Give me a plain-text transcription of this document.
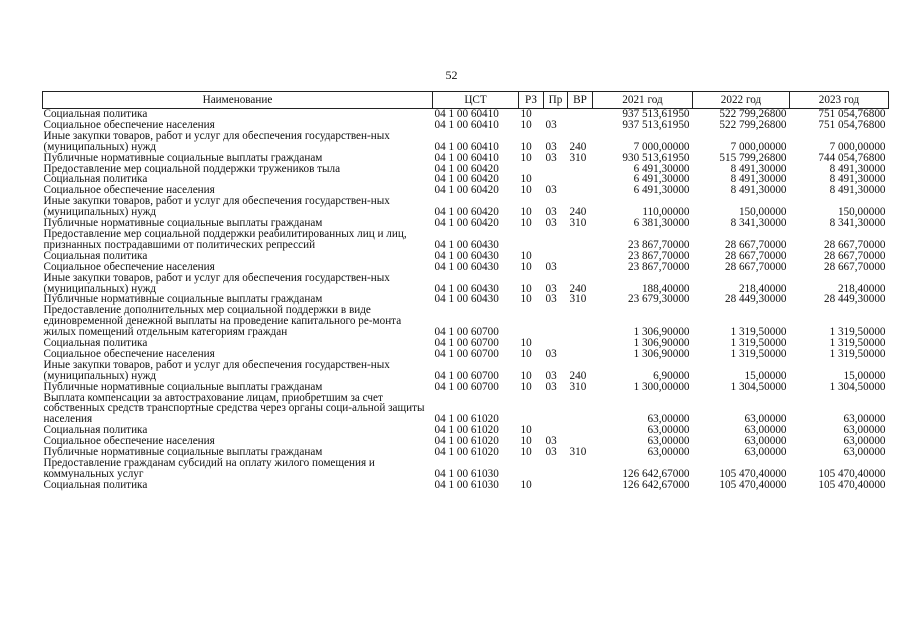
52
Наименование	ЦСТ	РЗ	Пр	ВР	2021 год	2022 год	2023 год
Социальная политика	04 1 00 60410	10			937 513,61950	522 799,26800	751 054,76800
Социальное обеспечение населения	04 1 00 60410	10	03		937 513,61950	522 799,26800	751 054,76800
Иные закупки товаров, работ и услуг для обеспечения государствен-ных (муниципальных) нужд	04 1 00 60410	10	03	240	7 000,00000	7 000,00000	7 000,00000
Публичные нормативные социальные выплаты гражданам	04 1 00 60410	10	03	310	930 513,61950	515 799,26800	744 054,76800
Предоставление мер социальной поддержки тружеников тыла	04 1 00 60420				6 491,30000	8 491,30000	8 491,30000
Социальная политика	04 1 00 60420	10			6 491,30000	8 491,30000	8 491,30000
Социальное обеспечение населения	04 1 00 60420	10	03		6 491,30000	8 491,30000	8 491,30000
Иные закупки товаров, работ и услуг для обеспечения государствен-ных (муниципальных) нужд	04 1 00 60420	10	03	240	110,00000	150,00000	150,00000
Публичные нормативные социальные выплаты гражданам	04 1 00 60420	10	03	310	6 381,30000	8 341,30000	8 341,30000
Предоставление мер социальной поддержки реабилитированных лиц и лиц, признанных пострадавшими от политических репрессий	04 1 00 60430				23 867,70000	28 667,70000	28 667,70000
Социальная политика	04 1 00 60430	10			23 867,70000	28 667,70000	28 667,70000
Социальное обеспечение населения	04 1 00 60430	10	03		23 867,70000	28 667,70000	28 667,70000
Иные закупки товаров, работ и услуг для обеспечения государствен-ных (муниципальных) нужд	04 1 00 60430	10	03	240	188,40000	218,40000	218,40000
Публичные нормативные социальные выплаты гражданам	04 1 00 60430	10	03	310	23 679,30000	28 449,30000	28 449,30000
Предоставление дополнительных мер социальной поддержки в виде единовременной денежной выплаты на проведение капитального ре-монта жилых помещений отдельным категориям граждан	04 1 00 60700				1 306,90000	1 319,50000	1 319,50000
Социальная политика	04 1 00 60700	10			1 306,90000	1 319,50000	1 319,50000
Социальное обеспечение населения	04 1 00 60700	10	03		1 306,90000	1 319,50000	1 319,50000
Иные закупки товаров, работ и услуг для обеспечения государствен-ных (муниципальных) нужд	04 1 00 60700	10	03	240	6,90000	15,00000	15,00000
Публичные нормативные социальные выплаты гражданам	04 1 00 60700	10	03	310	1 300,00000	1 304,50000	1 304,50000
Выплата компенсации за автострахование лицам, приобретшим за счет собственных средств транспортные средства через органы соци-альной защиты населения	04 1 00 61020				63,00000	63,00000	63,00000
Социальная политика	04 1 00 61020	10			63,00000	63,00000	63,00000
Социальное обеспечение населения	04 1 00 61020	10	03		63,00000	63,00000	63,00000
Публичные нормативные социальные выплаты гражданам	04 1 00 61020	10	03	310	63,00000	63,00000	63,00000
Предоставление гражданам субсидий на оплату жилого помещения и коммунальных услуг	04 1 00 61030				126 642,67000	105 470,40000	105 470,40000
Социальная политика	04 1 00 61030	10			126 642,67000	105 470,40000	105 470,40000
